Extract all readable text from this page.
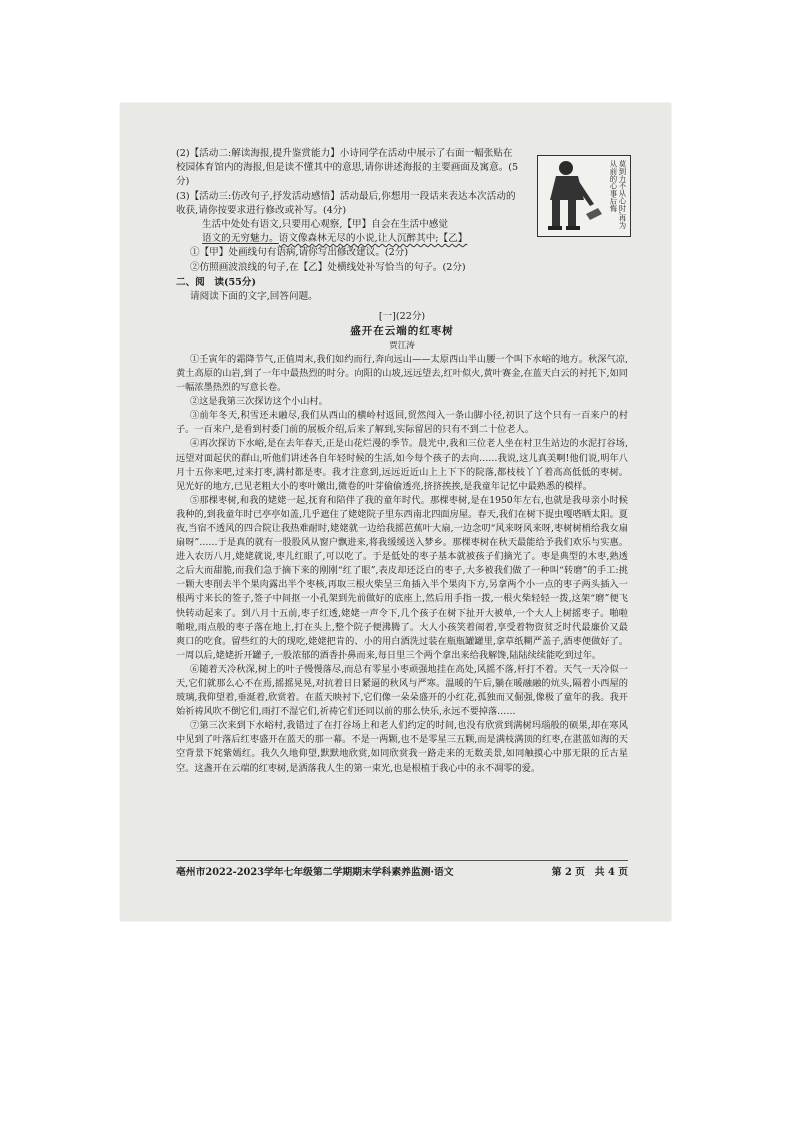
莫到力不从心时,再为从前的心事后悔

(2)【活动二:解读海报,提升鉴赏能力】小诗同学在活动中展示了右面一幅张贴在校园体育馆内的海报,但是读不懂其中的意思,请你讲述海报的主要画面及寓意。(5分)

(3)【活动三:仿改句子,抒发活动感悟】活动最后,你想用一段话来表达本次活动的收获,请你按要求进行修改或补写。(4分)

生活中处处有语文,只要用心观察,【甲】自会在生活中感觉
语文的无穷魅力。语文像森林无尽的小说,让人沉醉其中;【乙】

①【甲】处画线句有语病,请你写出修改建议。(2分)

②仿照画波浪线的句子,在【乙】处横线处补写恰当的句子。(2分)

二、阅　读(55分)

请阅读下面的文字,回答问题。

[一](22分)
盛开在云端的红枣树
贾江涛

①壬寅年的霜降节气,正值周末,我们如约而行,奔向远山——太原西山半山腰一个叫下水峪的地方。秋深气凉,黄土高原的山岩,到了一年中最热烈的时分。向阳的山坡,远远望去,红叶似火,黄叶赛金,在蓝天白云的衬托下,如同一幅浓墨热烈的写意长卷。

②这是我第三次探访这个小山村。

③前年冬天,积雪还未融尽,我们从西山的横岭村返回,贸然闯入一条山脚小径,初识了这个只有一百来户的村子。一百来户,是看到村委门前的展板介绍,后来了解到,实际留居的只有不到二十位老人。

④再次探访下水峪,是在去年春天,正是山花烂漫的季节。晨光中,我和三位老人坐在村卫生站边的水泥打谷场,远望对面起伏的群山,听他们讲述各自年轻时候的生活,如今每个孩子的去向……我说,这儿真美啊!他们说,明年八月十五你来吧,过来打枣,满村都是枣。我才注意到,远远近近山上上下下的院落,都枝枝丫丫着高高低低的枣树。见光好的地方,已见老粗大小的枣叶嫩出,微卷的叶芽偷偷透亮,挤挤挨挨,是我童年记忆中最熟悉的模样。

⑤那棵枣树,和我的姥姥一起,抚育和陪伴了我的童年时代。那棵枣树,是在1950年左右,也就是我母亲小时候我种的,到我童年时已亭亭如盖,几乎遮住了姥姥院子里东西南北四面房屋。春天,我们在树下捉虫嘎嗒晒太阳。夏夜,当宿不透风的四合院让我热难耐时,姥姥就一边给我摇芭蕉叶大扇,一边念叨“风来呀风来呀,枣树树梢给我女扇扇呀”……于是真的就有一股股风从窗户飘进来,将我缓缓送入梦乡。那棵枣树在秋天最能给予我们欢乐与实惠。进入农历八月,姥姥就说,枣儿红眼了,可以吃了。于是低处的枣子基本就被孩子们摘光了。枣是典型的木枣,熟透之后大而甜脆,而我们急于摘下来的刚刚“红了眼”,表皮却还泛白的枣子,大多被我们做了一种叫“转磨”的手工:挑一颗大枣削去半个果肉露出半个枣核,再取三根火柴呈三角插入半个果肉下方,另拿两个小一点的枣子两头插入一根两寸来长的签子,签子中间抠一小孔架到先前做好的底座上,然后用手指一拨,一根火柴轻轻一拨,这架“磨”便飞快转动起来了。到八月十五前,枣子红透,姥姥一声令下,几个孩子在树下扯开大被单,一个大人上树摇枣子。啪啦啪啦,雨点般的枣子落在地上,打在头上,整个院子便沸腾了。大人小孩笑着闹着,享受着物资贫乏时代最廉价又最爽口的吃食。留些红的大的现吃,姥姥把肯的、小的用白酒洗过装在瓶瓶罐罐里,拿草纸糊严盖子,酒枣便做好了。一周以后,姥姥折开罐子,一股浓郁的酒香扑鼻而来,每日里三个两个拿出来给我解馋,陆陆续续能吃到过年。

⑥随着天冷秋深,树上的叶子慢慢落尽,而总有零星小枣顽强地挂在高处,风摇不落,杆打不着。天气一天冷似一天,它们就那么心不在焉,摇摇晃晃,对抗着日日紧逼的秋风与严寒。温暖的午后,躺在暖融融的炕头,隔着小西屋的玻璃,我仰望着,垂涎着,欣赏着。在蓝天映衬下,它们像一朵朵盛开的小红花,孤独而又倔强,像极了童年的我。我开始祈祷风吹不倒它们,雨打不湿它们,祈祷它们还同以前的那么快乐,永远不要掉落……

⑦第三次来到下水峪村,我错过了在打谷场上和老人们约定的时间,也没有欣赏到满树玛瑙般的硕果,却在寒风中见到了叶落后红枣盛开在蓝天的那一幕。不是一两颗,也不是零星三五颗,而是满枝满顶的红枣,在湛蓝如海的天空背景下姹紫嫣红。我久久地仰望,默默地欣赏,如同欣赏我一路走来的无数美景,如同触摸心中那无限的丘古星空。这盏开在云端的红枣树,是洒落我人生的第一束光,也是根植于我心中的永不凋零的爱。

亳州市2022-2023学年七年级第二学期期末学科素养监测·语文	第 2 页　共 4 页
